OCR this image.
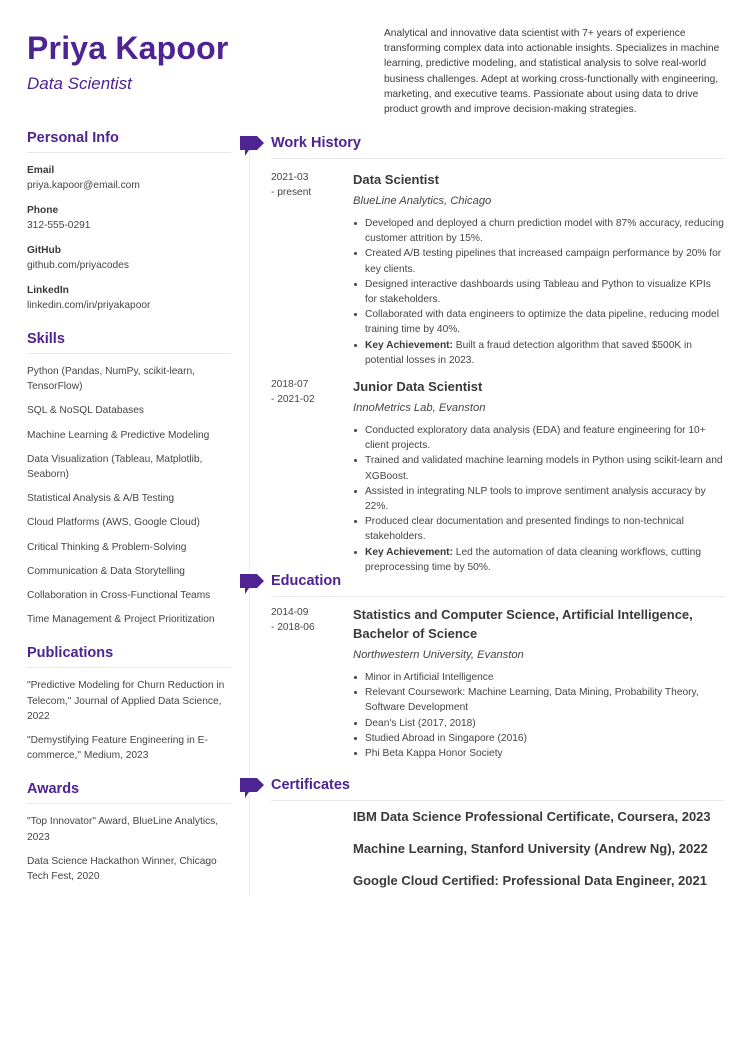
Priya Kapoor
Data Scientist
Analytical and innovative data scientist with 7+ years of experience transforming complex data into actionable insights. Specializes in machine learning, predictive modeling, and statistical analysis to solve real-world business challenges. Adept at working cross-functionally with engineering, marketing, and executive teams. Passionate about using data to drive product growth and improve decision-making strategies.
Personal Info
Email
priya.kapoor@email.com
Phone
312-555-0291
GitHub
github.com/priyacodes
LinkedIn
linkedin.com/in/priyakapoor
Skills
Python (Pandas, NumPy, scikit-learn, TensorFlow)
SQL & NoSQL Databases
Machine Learning & Predictive Modeling
Data Visualization (Tableau, Matplotlib, Seaborn)
Statistical Analysis & A/B Testing
Cloud Platforms (AWS, Google Cloud)
Critical Thinking & Problem-Solving
Communication & Data Storytelling
Collaboration in Cross-Functional Teams
Time Management & Project Prioritization
Publications
"Predictive Modeling for Churn Reduction in Telecom," Journal of Applied Data Science, 2022
"Demystifying Feature Engineering in E-commerce," Medium, 2023
Awards
"Top Innovator" Award, BlueLine Analytics, 2023
Data Science Hackathon Winner, Chicago Tech Fest, 2020
Work History
2021-03
- present
Data Scientist
BlueLine Analytics, Chicago
Developed and deployed a churn prediction model with 87% accuracy, reducing customer attrition by 15%.
Created A/B testing pipelines that increased campaign performance by 20% for key clients.
Designed interactive dashboards using Tableau and Python to visualize KPIs for stakeholders.
Collaborated with data engineers to optimize the data pipeline, reducing model training time by 40%.
Key Achievement: Built a fraud detection algorithm that saved $500K in potential losses in 2023.
2018-07
- 2021-02
Junior Data Scientist
InnoMetrics Lab, Evanston
Conducted exploratory data analysis (EDA) and feature engineering for 10+ client projects.
Trained and validated machine learning models in Python using scikit-learn and XGBoost.
Assisted in integrating NLP tools to improve sentiment analysis accuracy by 22%.
Produced clear documentation and presented findings to non-technical stakeholders.
Key Achievement: Led the automation of data cleaning workflows, cutting preprocessing time by 50%.
Education
2014-09
- 2018-06
Statistics and Computer Science, Artificial Intelligence, Bachelor of Science
Northwestern University, Evanston
Minor in Artificial Intelligence
Relevant Coursework: Machine Learning, Data Mining, Probability Theory, Software Development
Dean's List (2017, 2018)
Studied Abroad in Singapore (2016)
Phi Beta Kappa Honor Society
Certificates
IBM Data Science Professional Certificate, Coursera, 2023
Machine Learning, Stanford University (Andrew Ng), 2022
Google Cloud Certified: Professional Data Engineer, 2021
